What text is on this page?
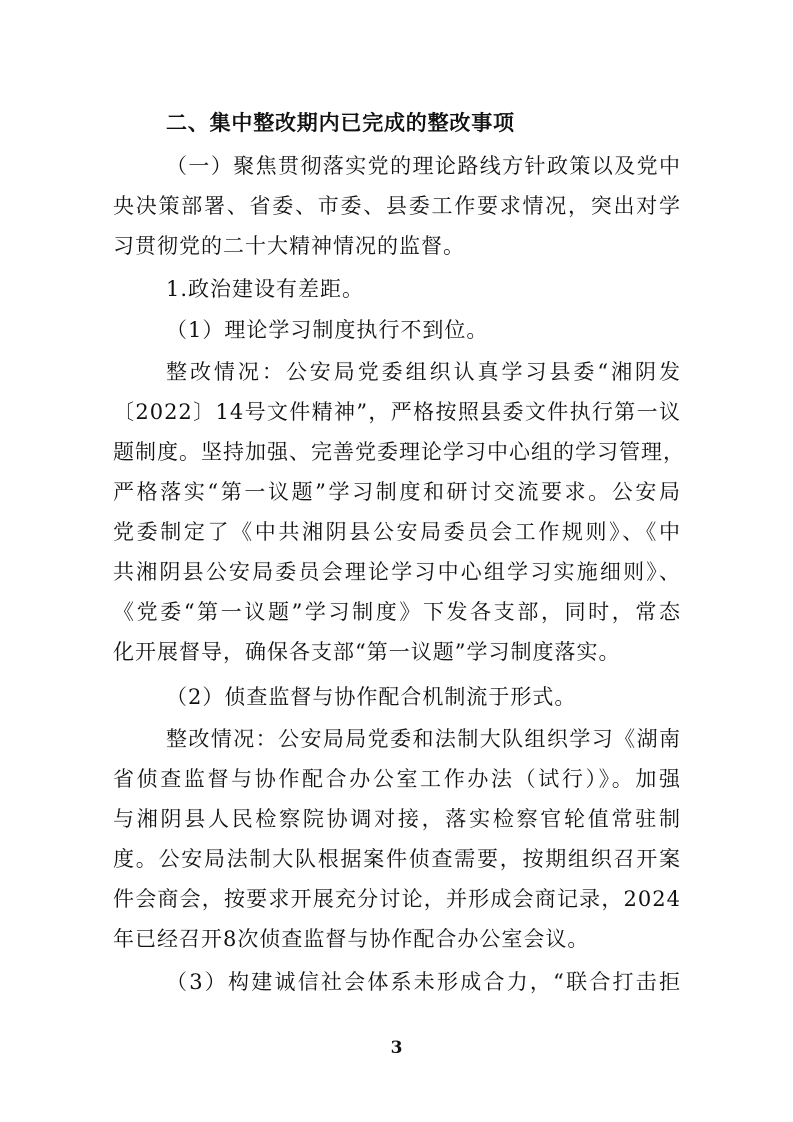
二、集中整改期内已完成的整改事项
（一）聚焦贯彻落实党的理论路线方针政策以及党中
央决策部署、省委、市委、县委工作要求情况，突出对学
习贯彻党的二十大精神情况的监督。
1.政治建设有差距。
（1）理论学习制度执行不到位。
整改情况：公安局党委组织认真学习县委“湘阴发
〔2022〕14号文件精神”，严格按照县委文件执行第一议
题制度。坚持加强、完善党委理论学习中心组的学习管理，
严格落实“第一议题”学习制度和研讨交流要求。公安局
党委制定了《中共湘阴县公安局委员会工作规则》、《中
共湘阴县公安局委员会理论学习中心组学习实施细则》、
《党委“第一议题”学习制度》下发各支部，同时，常态
化开展督导，确保各支部“第一议题”学习制度落实。
（2）侦查监督与协作配合机制流于形式。
整改情况：公安局局党委和法制大队组织学习《湖南
省侦查监督与协作配合办公室工作办法（试行）》。加强
与湘阴县人民检察院协调对接，落实检察官轮值常驻制
度。公安局法制大队根据案件侦查需要，按期组织召开案
件会商会，按要求开展充分讨论，并形成会商记录，2024
年已经召开8次侦查监督与协作配合办公室会议。
（3）构建诚信社会体系未形成合力，“联合打击拒
3
